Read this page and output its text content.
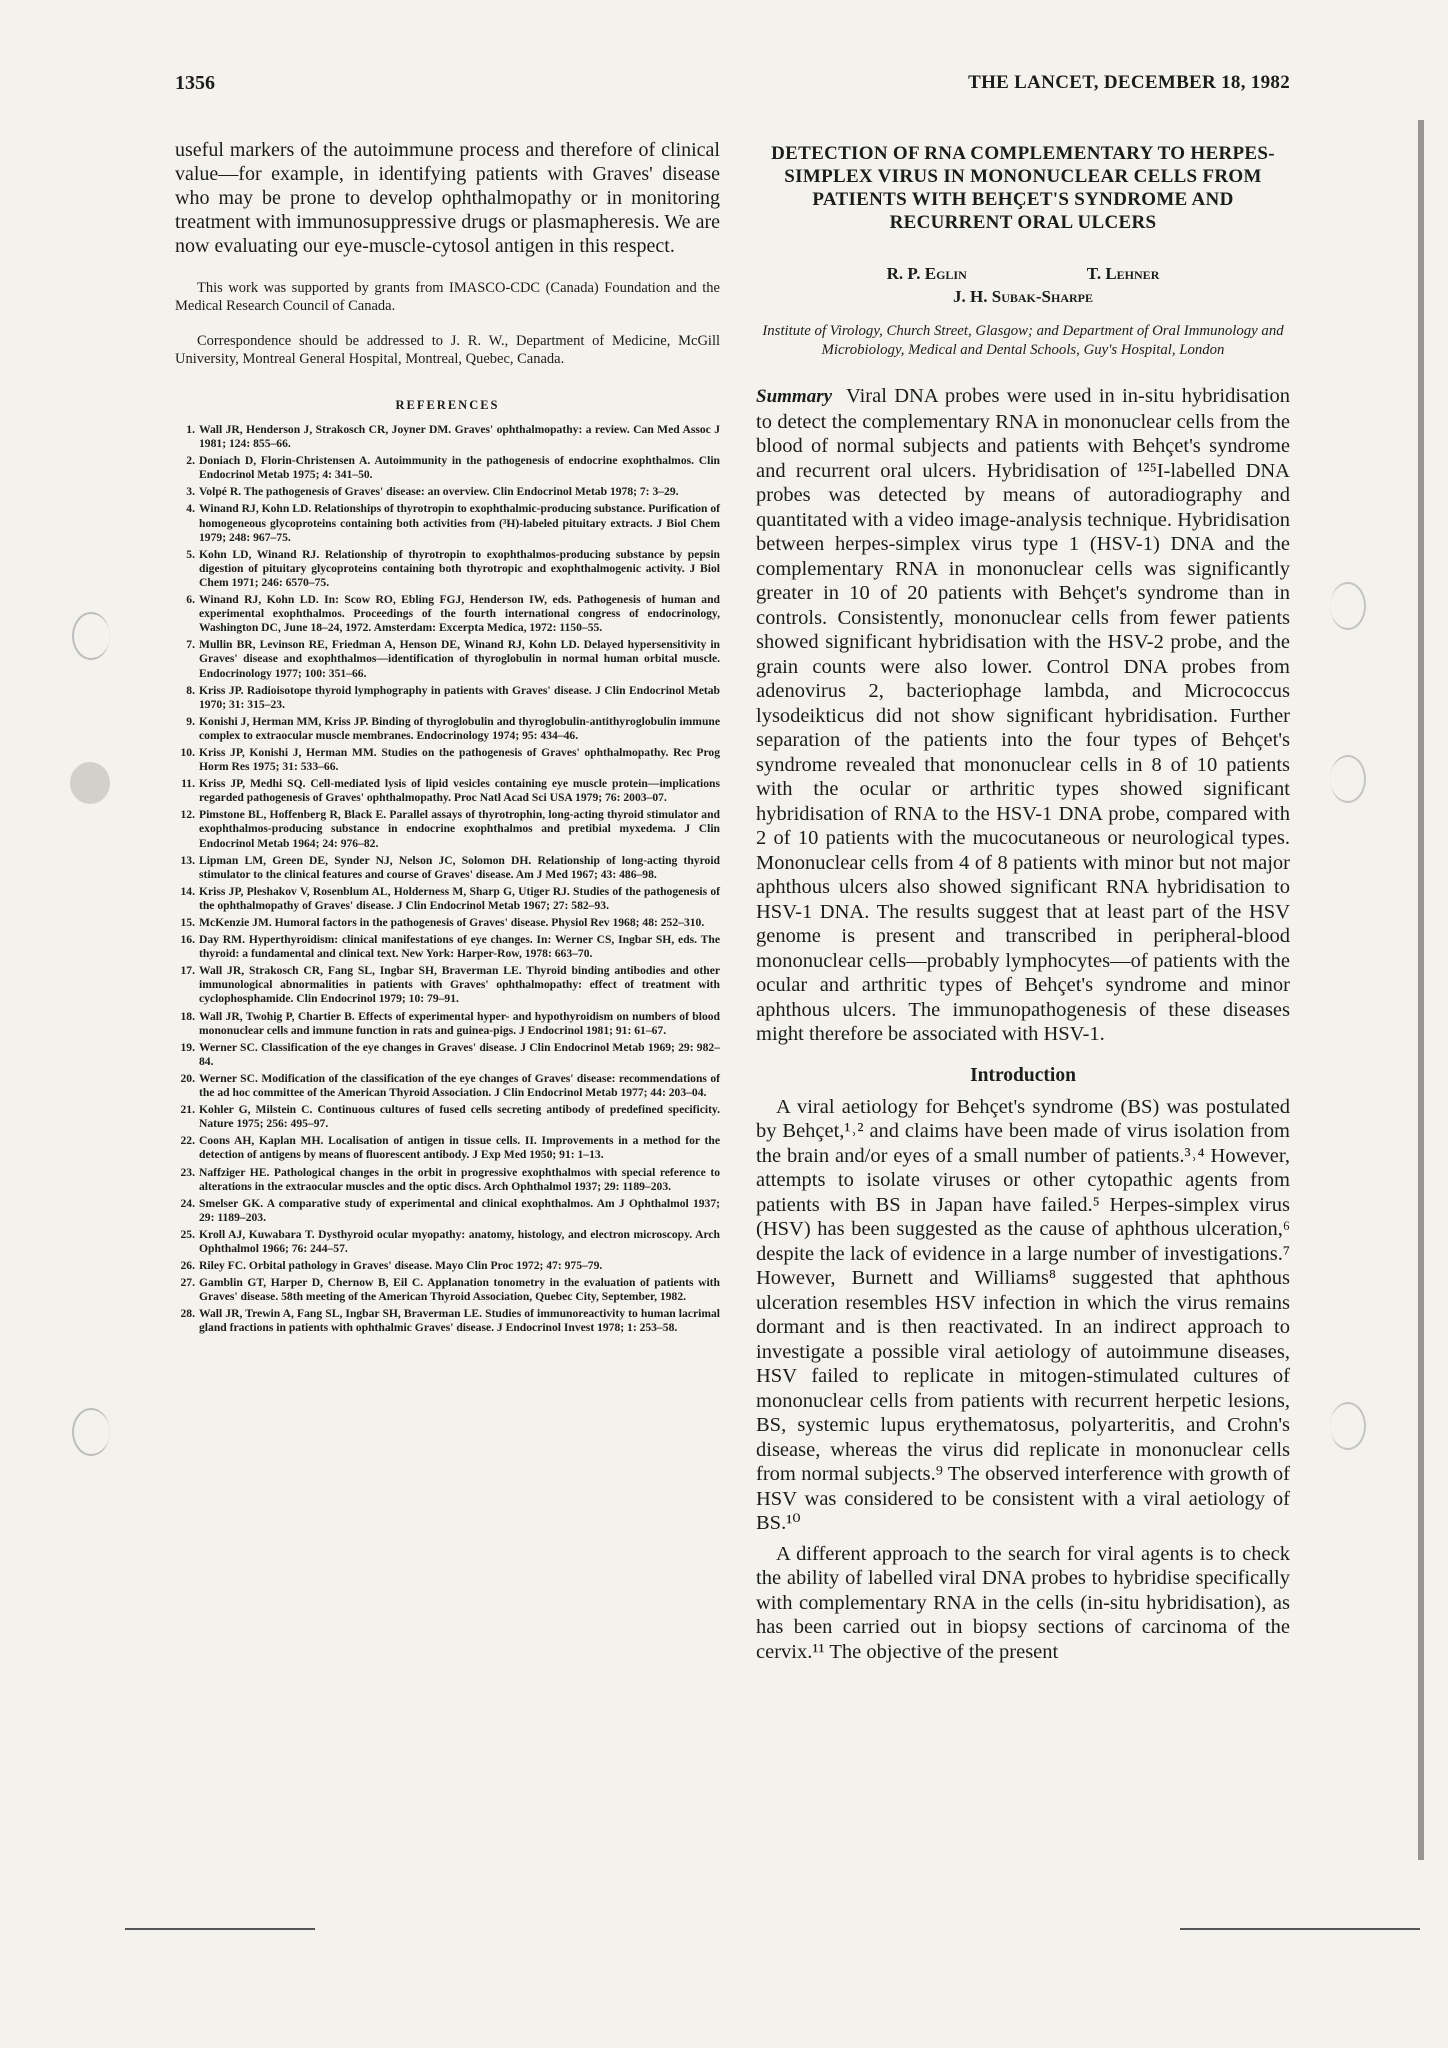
1356	THE LANCET, DECEMBER 18, 1982

useful markers of the autoimmune process and therefore of clinical value—for example, in identifying patients with Graves' disease who may be prone to develop ophthalmopathy or in monitoring treatment with immunosuppressive drugs or plasmapheresis. We are now evaluating our eye-muscle-cytosol antigen in this respect.

This work was supported by grants from IMASCO-CDC (Canada) Foundation and the Medical Research Council of Canada.

Correspondence should be addressed to J. R. W., Department of Medicine, McGill University, Montreal General Hospital, Montreal, Quebec, Canada.

REFERENCES
1. Wall JR, Henderson J, Strakosch CR, Joyner DM. Graves' ophthalmopathy: a review. Can Med Assoc J 1981; 124: 855–66.
2. Doniach D, Florin-Christensen A. Autoimmunity in the pathogenesis of endocrine exophthalmos. Clin Endocrinol Metab 1975; 4: 341–50.
3. Volpé R. The pathogenesis of Graves' disease: an overview. Clin Endocrinol Metab 1978; 7: 3–29.
4. Winand RJ, Kohn LD. Relationships of thyrotropin to exophthalmic-producing substance. Purification of homogeneous glycoproteins containing both activities from (³H)-labeled pituitary extracts. J Biol Chem 1979; 248: 967–75.
5. Kohn LD, Winand RJ. Relationship of thyrotropin to exophthalmos-producing substance by pepsin digestion of pituitary glycoproteins containing both thyrotropic and exophthalmogenic activity. J Biol Chem 1971; 246: 6570–75.
6. Winand RJ, Kohn LD. In: Scow RO, Ebling FGJ, Henderson IW, eds. Pathogenesis of human and experimental exophthalmos. Proceedings of the fourth international congress of endocrinology, Washington DC, June 18–24, 1972. Amsterdam: Excerpta Medica, 1972: 1150–55.
7. Mullin BR, Levinson RE, Friedman A, Henson DE, Winand RJ, Kohn LD. Delayed hypersensitivity in Graves' disease and exophthalmos—identification of thyroglobulin in normal human orbital muscle. Endocrinology 1977; 100: 351–66.
8. Kriss JP. Radioisotope thyroid lymphography in patients with Graves' disease. J Clin Endocrinol Metab 1970; 31: 315–23.
9. Konishi J, Herman MM, Kriss JP. Binding of thyroglobulin and thyroglobulin-antithyroglobulin immune complex to extraocular muscle membranes. Endocrinology 1974; 95: 434–46.
10. Kriss JP, Konishi J, Herman MM. Studies on the pathogenesis of Graves' ophthalmopathy. Rec Prog Horm Res 1975; 31: 533–66.
11. Kriss JP, Medhi SQ. Cell-mediated lysis of lipid vesicles containing eye muscle protein—implications regarded pathogenesis of Graves' ophthalmopathy. Proc Natl Acad Sci USA 1979; 76: 2003–07.
12. Pimstone BL, Hoffenberg R, Black E. Parallel assays of thyrotrophin, long-acting thyroid stimulator and exophthalmos-producing substance in endocrine exophthalmos and pretibial myxedema. J Clin Endocrinol Metab 1964; 24: 976–82.
13. Lipman LM, Green DE, Synder NJ, Nelson JC, Solomon DH. Relationship of long-acting thyroid stimulator to the clinical features and course of Graves' disease. Am J Med 1967; 43: 486–98.
14. Kriss JP, Pleshakov V, Rosenblum AL, Holderness M, Sharp G, Utiger RJ. Studies of the pathogenesis of the ophthalmopathy of Graves' disease. J Clin Endocrinol Metab 1967; 27: 582–93.
15. McKenzie JM. Humoral factors in the pathogenesis of Graves' disease. Physiol Rev 1968; 48: 252–310.
16. Day RM. Hyperthyroidism: clinical manifestations of eye changes. In: Werner CS, Ingbar SH, eds. The thyroid: a fundamental and clinical text. New York: Harper-Row, 1978: 663–70.
17. Wall JR, Strakosch CR, Fang SL, Ingbar SH, Braverman LE. Thyroid binding antibodies and other immunological abnormalities in patients with Graves' ophthalmopathy: effect of treatment with cyclophosphamide. Clin Endocrinol 1979; 10: 79–91.
18. Wall JR, Twohig P, Chartier B. Effects of experimental hyper- and hypothyroidism on numbers of blood mononuclear cells and immune function in rats and guinea-pigs. J Endocrinol 1981; 91: 61–67.
19. Werner SC. Classification of the eye changes in Graves' disease. J Clin Endocrinol Metab 1969; 29: 982–84.
20. Werner SC. Modification of the classification of the eye changes of Graves' disease: recommendations of the ad hoc committee of the American Thyroid Association. J Clin Endocrinol Metab 1977; 44: 203–04.
21. Kohler G, Milstein C. Continuous cultures of fused cells secreting antibody of predefined specificity. Nature 1975; 256: 495–97.
22. Coons AH, Kaplan MH. Localisation of antigen in tissue cells. II. Improvements in a method for the detection of antigens by means of fluorescent antibody. J Exp Med 1950; 91: 1–13.
23. Naffziger HE. Pathological changes in the orbit in progressive exophthalmos with special reference to alterations in the extraocular muscles and the optic discs. Arch Ophthalmol 1937; 29: 1189–203.
24. Smelser GK. A comparative study of experimental and clinical exophthalmos. Am J Ophthalmol 1937; 29: 1189–203.
25. Kroll AJ, Kuwabara T. Dysthyroid ocular myopathy: anatomy, histology, and electron microscopy. Arch Ophthalmol 1966; 76: 244–57.
26. Riley FC. Orbital pathology in Graves' disease. Mayo Clin Proc 1972; 47: 975–79.
27. Gamblin GT, Harper D, Chernow B, Eil C. Applanation tonometry in the evaluation of patients with Graves' disease. 58th meeting of the American Thyroid Association, Quebec City, September, 1982.
28. Wall JR, Trewin A, Fang SL, Ingbar SH, Braverman LE. Studies of immunoreactivity to human lacrimal gland fractions in patients with ophthalmic Graves' disease. J Endocrinol Invest 1978; 1: 253–58.
DETECTION OF RNA COMPLEMENTARY TO HERPES-SIMPLEX VIRUS IN MONONUCLEAR CELLS FROM PATIENTS WITH BEHÇET'S SYNDROME AND RECURRENT ORAL ULCERS

R. P. Eglin	T. Lehner

J. H. Subak-Sharpe

Institute of Virology, Church Street, Glasgow; and Department of Oral Immunology and Microbiology, Medical and Dental Schools, Guy's Hospital, London

Summary Viral DNA probes were used in in-situ hybridisation to detect the complementary RNA in mononuclear cells from the blood of normal subjects and patients with Behçet's syndrome and recurrent oral ulcers. Hybridisation of ¹²⁵I-labelled DNA probes was detected by means of autoradiography and quantitated with a video image-analysis technique. Hybridisation between herpes-simplex virus type 1 (HSV-1) DNA and the complementary RNA in mononuclear cells was significantly greater in 10 of 20 patients with Behçet's syndrome than in controls. Consistently, mononuclear cells from fewer patients showed significant hybridisation with the HSV-2 probe, and the grain counts were also lower. Control DNA probes from adenovirus 2, bacteriophage lambda, and Micrococcus lysodeikticus did not show significant hybridisation. Further separation of the patients into the four types of Behçet's syndrome revealed that mononuclear cells in 8 of 10 patients with the ocular or arthritic types showed significant hybridisation of RNA to the HSV-1 DNA probe, compared with 2 of 10 patients with the mucocutaneous or neurological types. Mononuclear cells from 4 of 8 patients with minor but not major aphthous ulcers also showed significant RNA hybridisation to HSV-1 DNA. The results suggest that at least part of the HSV genome is present and transcribed in peripheral-blood mononuclear cells—probably lymphocytes—of patients with the ocular and arthritic types of Behçet's syndrome and minor aphthous ulcers. The immunopathogenesis of these diseases might therefore be associated with HSV-1.

Introduction

A viral aetiology for Behçet's syndrome (BS) was postulated by Behçet,¹˒² and claims have been made of virus isolation from the brain and/or eyes of a small number of patients.³˒⁴ However, attempts to isolate viruses or other cytopathic agents from patients with BS in Japan have failed.⁵ Herpes-simplex virus (HSV) has been suggested as the cause of aphthous ulceration,⁶ despite the lack of evidence in a large number of investigations.⁷ However, Burnett and Williams⁸ suggested that aphthous ulceration resembles HSV infection in which the virus remains dormant and is then reactivated. In an indirect approach to investigate a possible viral aetiology of autoimmune diseases, HSV failed to replicate in mitogen-stimulated cultures of mononuclear cells from patients with recurrent herpetic lesions, BS, systemic lupus erythematosus, polyarteritis, and Crohn's disease, whereas the virus did replicate in mononuclear cells from normal subjects.⁹ The observed interference with growth of HSV was considered to be consistent with a viral aetiology of BS.¹⁰

A different approach to the search for viral agents is to check the ability of labelled viral DNA probes to hybridise specifically with complementary RNA in the cells (in-situ hybridisation), as has been carried out in biopsy sections of carcinoma of the cervix.¹¹ The objective of the present
